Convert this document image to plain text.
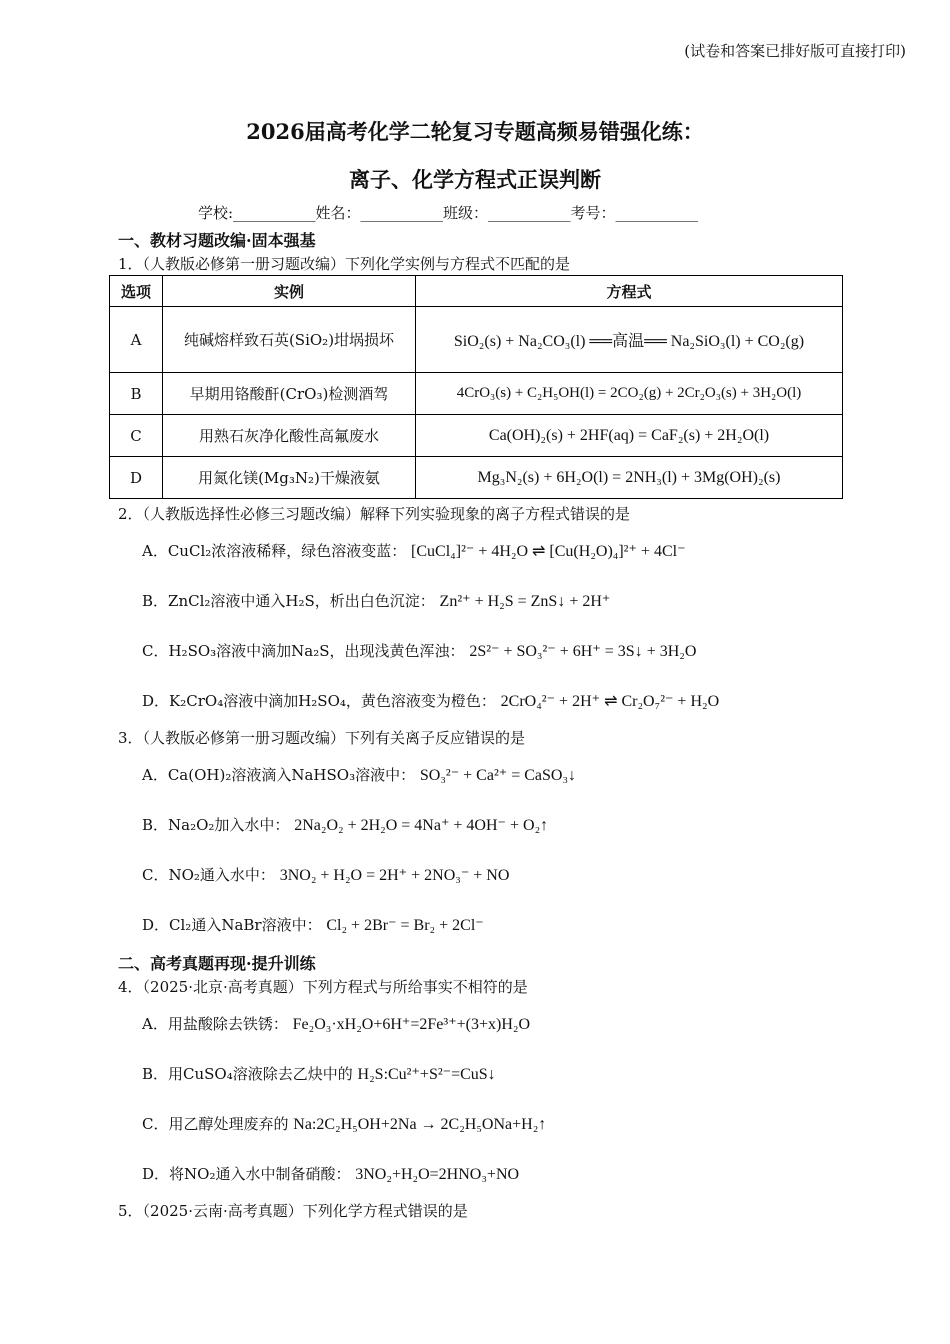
(试卷和答案已排好版可直接打印)
2026届高考化学二轮复习专题高频易错强化练：
离子、化学方程式正误判断
学校:___________姓名：___________班级：___________考号：___________
一、教材习题改编·固本强基
1．（人教版必修第一册习题改编）下列化学实例与方程式不匹配的是
选项	实例	方程式
A	纯碱熔样致石英(SiO₂)坩埚损坏	SiO₂(s) + Na₂CO₃(l) ══高温══ Na₂SiO₃(l) + CO₂(g)
B	早期用铬酸酐(CrO₃)检测酒驾	4CrO₃(s) + C₂H₅OH(l) = 2CO₂(g) + 2Cr₂O₃(s) + 3H₂O(l)
C	用熟石灰净化酸性高氟废水	Ca(OH)₂(s) + 2HF(aq) = CaF₂(s) + 2H₂O(l)
D	用氮化镁(Mg₃N₂)干燥液氨	Mg₃N₂(s) + 6H₂O(l) = 2NH₃(l) + 3Mg(OH)₂(s)
2．（人教版选择性必修三习题改编）解释下列实验现象的离子方程式错误的是
A．CuCl₂浓溶液稀释，绿色溶液变蓝： [CuCl₄]²⁻ + 4H₂O ⇌ [Cu(H₂O)₄]²⁺ + 4Cl⁻
B．ZnCl₂溶液中通入H₂S，析出白色沉淀： Zn²⁺ + H₂S = ZnS↓ + 2H⁺
C．H₂SO₃溶液中滴加Na₂S，出现浅黄色浑浊： 2S²⁻ + SO₃²⁻ + 6H⁺ = 3S↓ + 3H₂O
D．K₂CrO₄溶液中滴加H₂SO₄，黄色溶液变为橙色： 2CrO₄²⁻ + 2H⁺ ⇌ Cr₂O₇²⁻ + H₂O
3．（人教版必修第一册习题改编）下列有关离子反应错误的是
A．Ca(OH)₂溶液滴入NaHSO₃溶液中： SO₃²⁻ + Ca²⁺ = CaSO₃↓
B．Na₂O₂加入水中： 2Na₂O₂ + 2H₂O = 4Na⁺ + 4OH⁻ + O₂↑
C．NO₂通入水中： 3NO₂ + H₂O = 2H⁺ + 2NO₃⁻ + NO
D．Cl₂通入NaBr溶液中： Cl₂ + 2Br⁻ = Br₂ + 2Cl⁻
二、高考真题再现·提升训练
4．（2025·北京·高考真题）下列方程式与所给事实不相符的是
A．用盐酸除去铁锈： Fe₂O₃·xH₂O+6H⁺=2Fe³⁺+(3+x)H₂O
B．用CuSO₄溶液除去乙炔中的 H₂S:Cu²⁺+S²⁻=CuS↓
C．用乙醇处理废弃的 Na:2C₂H₅OH+2Na → 2C₂H₅ONa+H₂↑
D．将NO₂通入水中制备硝酸： 3NO₂+H₂O=2HNO₃+NO
5．（2025·云南·高考真题）下列化学方程式错误的是
